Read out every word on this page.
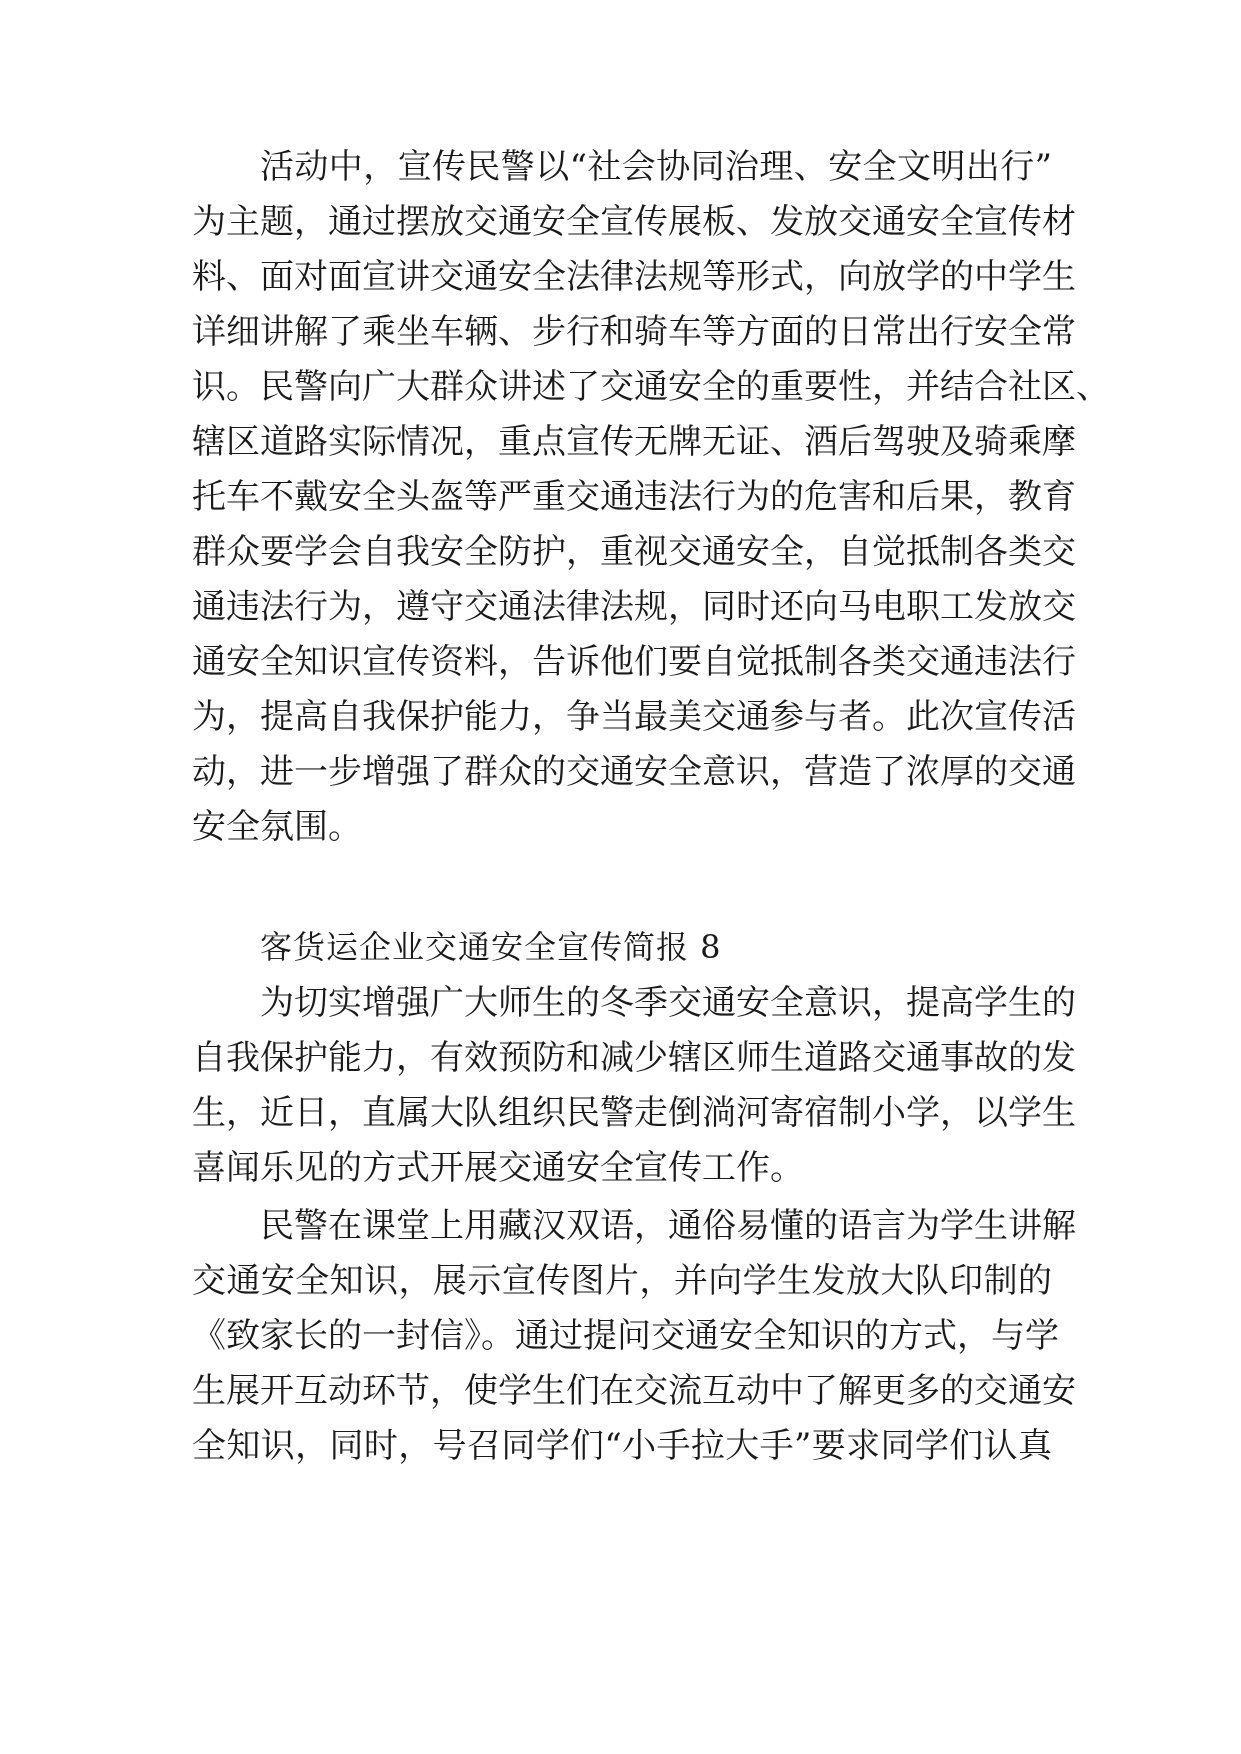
活动中，宣传民警以“社会协同治理、安全文明出行”
为主题，通过摆放交通安全宣传展板、发放交通安全宣传材
料、面对面宣讲交通安全法律法规等形式，向放学的中学生
详细讲解了乘坐车辆、步行和骑车等方面的日常出行安全常
识。民警向广大群众讲述了交通安全的重要性，并结合社区、
辖区道路实际情况，重点宣传无牌无证、酒后驾驶及骑乘摩
托车不戴安全头盔等严重交通违法行为的危害和后果，教育
群众要学会自我安全防护，重视交通安全，自觉抵制各类交
通违法行为，遵守交通法律法规，同时还向马电职工发放交
通安全知识宣传资料，告诉他们要自觉抵制各类交通违法行
为，提高自我保护能力，争当最美交通参与者。此次宣传活
动，进一步增强了群众的交通安全意识，营造了浓厚的交通
安全氛围。
客货运企业交通安全宣传简报 8
为切实增强广大师生的冬季交通安全意识，提高学生的
自我保护能力，有效预防和减少辖区师生道路交通事故的发
生，近日，直属大队组织民警走倒淌河寄宿制小学，以学生
喜闻乐见的方式开展交通安全宣传工作。
民警在课堂上用藏汉双语，通俗易懂的语言为学生讲解
交通安全知识，展示宣传图片，并向学生发放大队印制的
《致家长的一封信》。通过提问交通安全知识的方式，与学
生展开互动环节，使学生们在交流互动中了解更多的交通安
全知识，同时，号召同学们“小手拉大手”要求同学们认真
